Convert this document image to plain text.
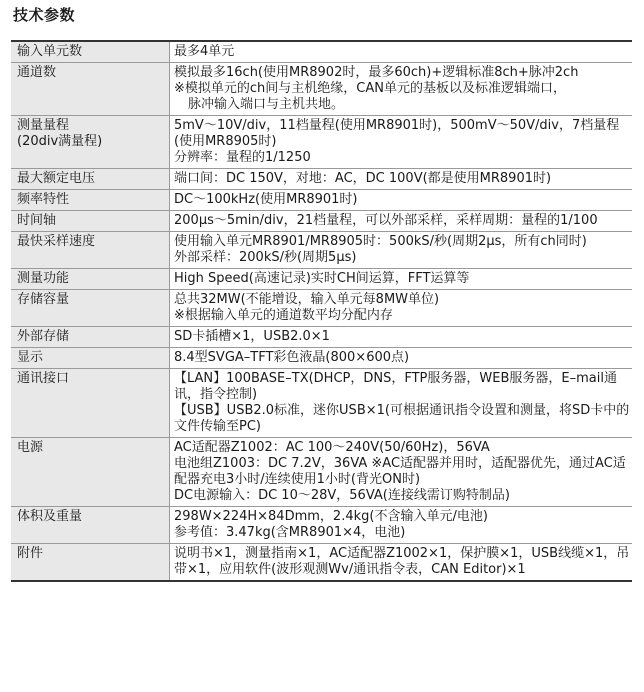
技术参数
输入单元数	最多4单元

通道数	模拟最多16ch(使用MR8902时，最多60ch)+逻辑标准8ch+脉冲2ch
※模拟单元的ch间与主机绝缘，CAN单元的基板以及标准逻辑端口，
脉冲输入端口与主机共地。

测量量程
(20div满量程)	5mV～10V/div，11档量程(使用MR8901时)，500mV～50V/div，7档量程(使用MR8905时)
分辨率：量程的1/1250

最大额定电压	端口间：DC 150V，对地：AC，DC 100V(都是使用MR8901时)

频率特性	DC～100kHz(使用MR8901时)

时间轴	200μs～5min/div，21档量程，可以外部采样，采样周期：量程的1/100

最快采样速度	使用输入单元MR8901/MR8905时：500kS/秒(周期2μs，所有ch同时)
外部采样：200kS/秒(周期5μs)

测量功能	High Speed(高速记录)实时CH间运算，FFT运算等

存储容量	总共32MW(不能增设，输入单元每8MW单位)
※根据输入单元的通道数平均分配内存

外部存储	SD卡插槽×1，USB2.0×1

显示	8.4型SVGA–TFT彩色液晶(800×600点)

通讯接口	【LAN】100BASE–TX(DHCP，DNS，FTP服务器，WEB服务器，E–mail通讯，指令控制)
【USB】USB2.0标准，迷你USB×1(可根据通讯指令设置和测量，将SD卡中的文件传输至PC)

电源	AC适配器Z1002：AC 100～240V(50/60Hz)，56VA
电池组Z1003：DC 7.2V，36VA ※AC适配器并用时，适配器优先，通过AC适配器充电3小时/连续使用1小时(背光ON时)
DC电源输入：DC 10～28V，56VA(连接线需订购特制品)

体积及重量	298W×224H×84Dmm，2.4kg(不含输入单元/电池)
参考值：3.47kg(含MR8901×4，电池)

附件	说明书×1，测量指南×1，AC适配器Z1002×1，保护膜×1，USB线缆×1，吊带×1，应用软件(波形观测Wv/通讯指令表，CAN Editor)×1
